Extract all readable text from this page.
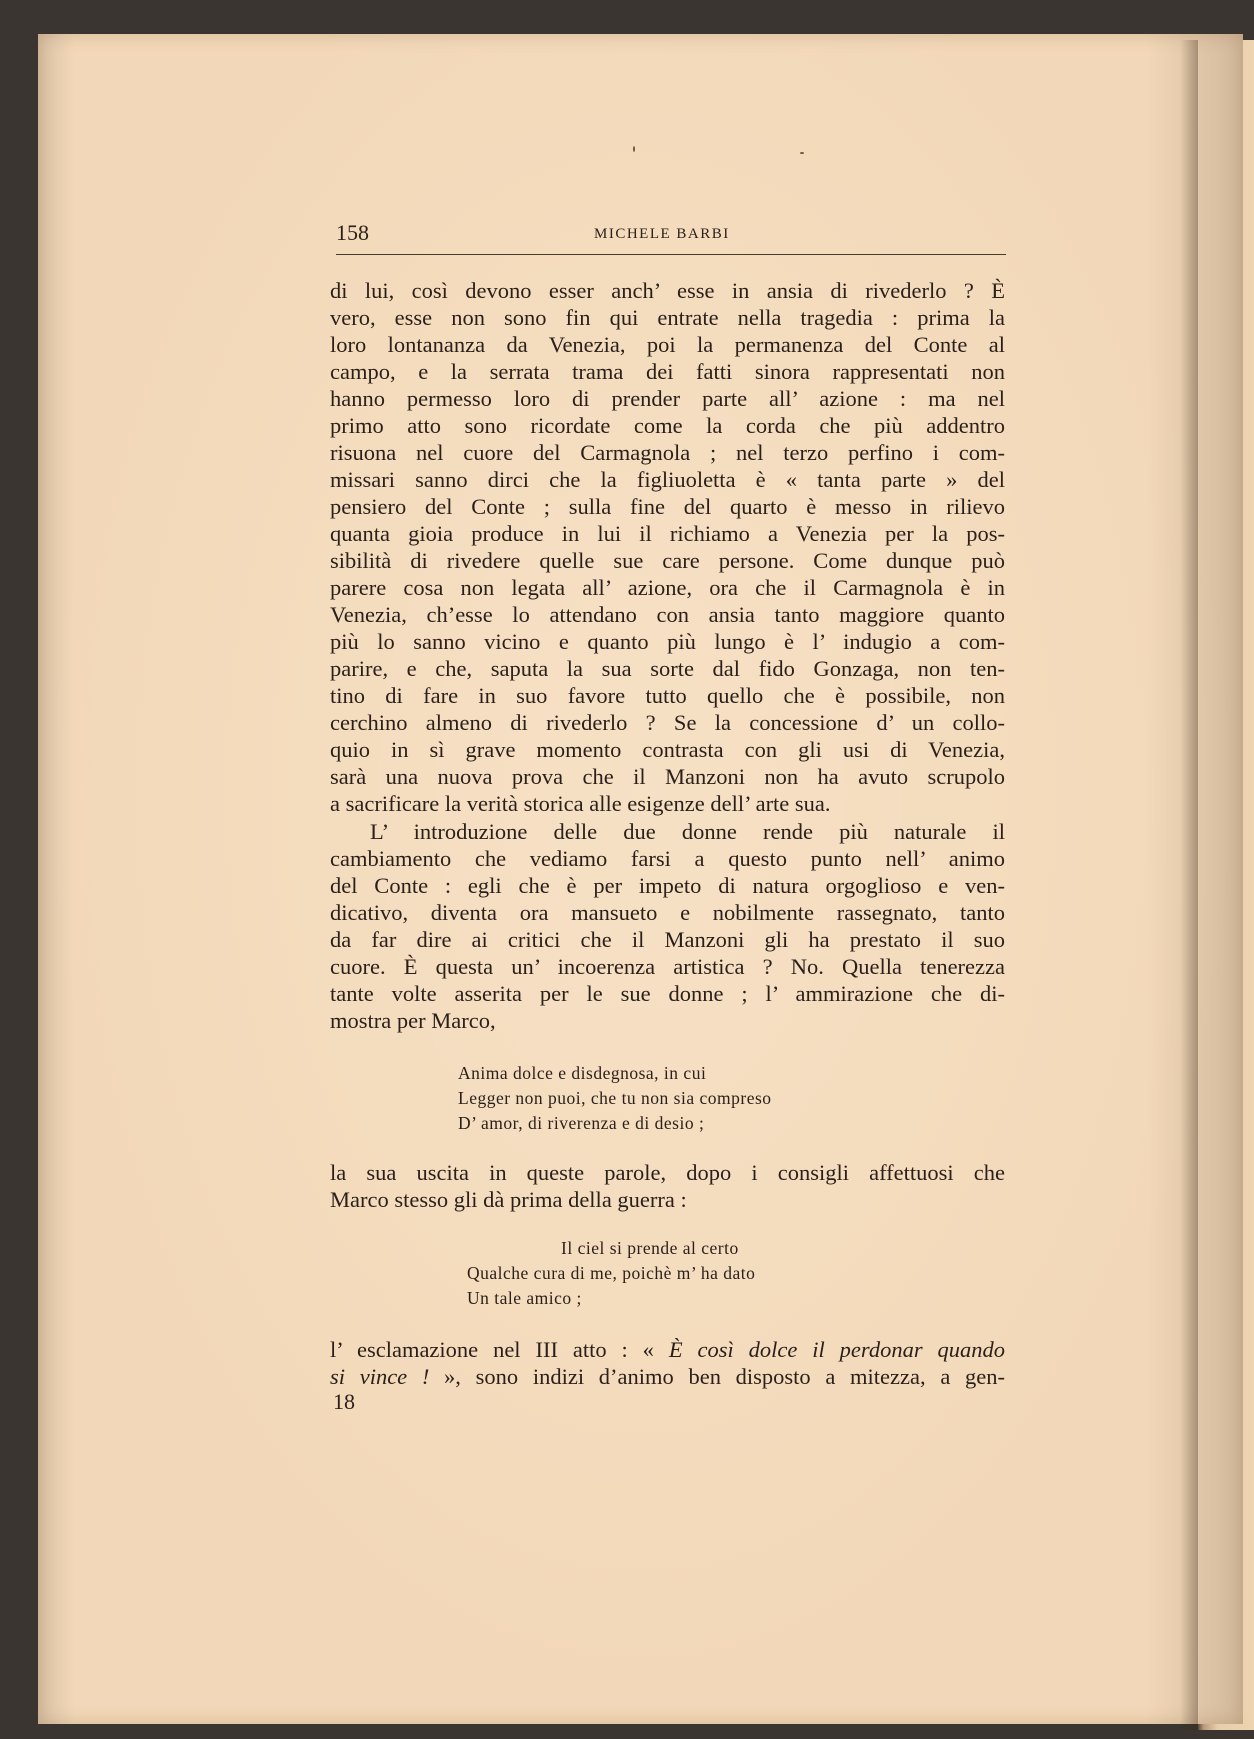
158	MICHELE BARBI
di lui, così devono esser anch’ esse in ansia di rivederlo ? È
vero, esse non sono fin qui entrate nella tragedia : prima la
loro lontananza da Venezia, poi la permanenza del Conte al
campo, e la serrata trama dei fatti sinora rappresentati non
hanno permesso loro di prender parte all’ azione : ma nel
primo atto sono ricordate come la corda che più addentro
risuona nel cuore del Carmagnola ; nel terzo perfino i com-
missari sanno dirci che la figliuoletta è « tanta parte » del
pensiero del Conte ; sulla fine del quarto è messo in rilievo
quanta gioia produce in lui il richiamo a Venezia per la pos-
sibilità di rivedere quelle sue care persone. Come dunque può
parere cosa non legata all’ azione, ora che il Carmagnola è in
Venezia, ch’esse lo attendano con ansia tanto maggiore quanto
più lo sanno vicino e quanto più lungo è l’ indugio a com-
parire, e che, saputa la sua sorte dal fido Gonzaga, non ten-
tino di fare in suo favore tutto quello che è possibile, non
cerchino almeno di rivederlo ? Se la concessione d’ un collo-
quio in sì grave momento contrasta con gli usi di Venezia,
sarà una nuova prova che il Manzoni non ha avuto scrupolo
a sacrificare la verità storica alle esigenze dell’ arte sua.
L’ introduzione delle due donne rende più naturale il
cambiamento che vediamo farsi a questo punto nell’ animo
del Conte : egli che è per impeto di natura orgoglioso e ven-
dicativo, diventa ora mansueto e nobilmente rassegnato, tanto
da far dire ai critici che il Manzoni gli ha prestato il suo
cuore. È questa un’ incoerenza artistica ? No. Quella tenerezza
tante volte asserita per le sue donne ; l’ ammirazione che di-
mostra per Marco,
Anima dolce e disdegnosa, in cui
Legger non puoi, che tu non sia compreso
D’ amor, di riverenza e di desio ;
la sua uscita in queste parole, dopo i consigli affettuosi che
Marco stesso gli dà prima della guerra :
Il ciel si prende al certo
Qualche cura di me, poichè m’ ha dato
Un tale amico ;
l’ esclamazione nel III atto : « È così dolce il perdonar quando
si vince ! », sono indizi d’animo ben disposto a mitezza, a gen-
18
